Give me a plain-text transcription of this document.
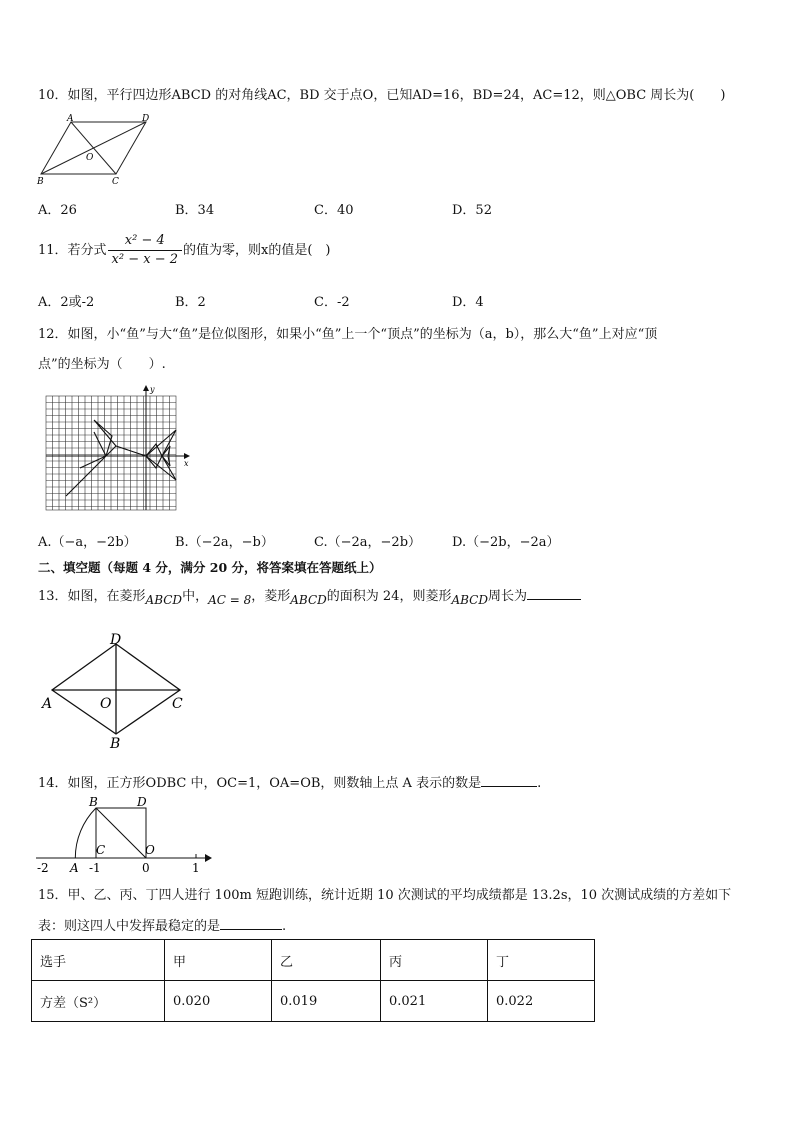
10．如图，平行四边形ABCD 的对角线AC，BD 交于点O，已知AD=16，BD=24，AC=12，则△OBC 周长为(　　)
A	D
O
B	C
A．26	B．34	C．40	D．52
11．若分式 $\frac{\text{x² − 4}}{\text{x² − x − 2}}$ 的值为零，则x的值是(　)
A．2或-2	B．2	C．-2	D．4
12．如图，小“鱼”与大“鱼”是位似图形，如果小“鱼”上一个“顶点”的坐标为（a，b），那么大“鱼”上对应“顶
点”的坐标为（　　）.
y
x
A.（−a，−2b）	B.（−2a，−b）	C.（−2a，−2b） D.（−2b，−2a）
二、填空题（每题 4 分，满分 20 分，将答案填在答题纸上）
13．如图，在菱形ABCD中，AC = 8，菱形ABCD的面积为 24，则菱形ABCD周长为
D
A	O	C
B
14．如图，正方形ODBC 中，OC=1，OA=OB，则数轴上点 A 表示的数是	.
B	D
C	O
A
-2	-1	0	1
15．甲、乙、丙、丁四人进行 100m 短跑训练，统计近期 10 次测试的平均成绩都是 13.2s，10 次测试成绩的方差如下
表：则这四人中发挥最稳定的是	.
选手	甲	乙	丙	丁
方差（S²）	0.020	0.019	0.021	0.022
